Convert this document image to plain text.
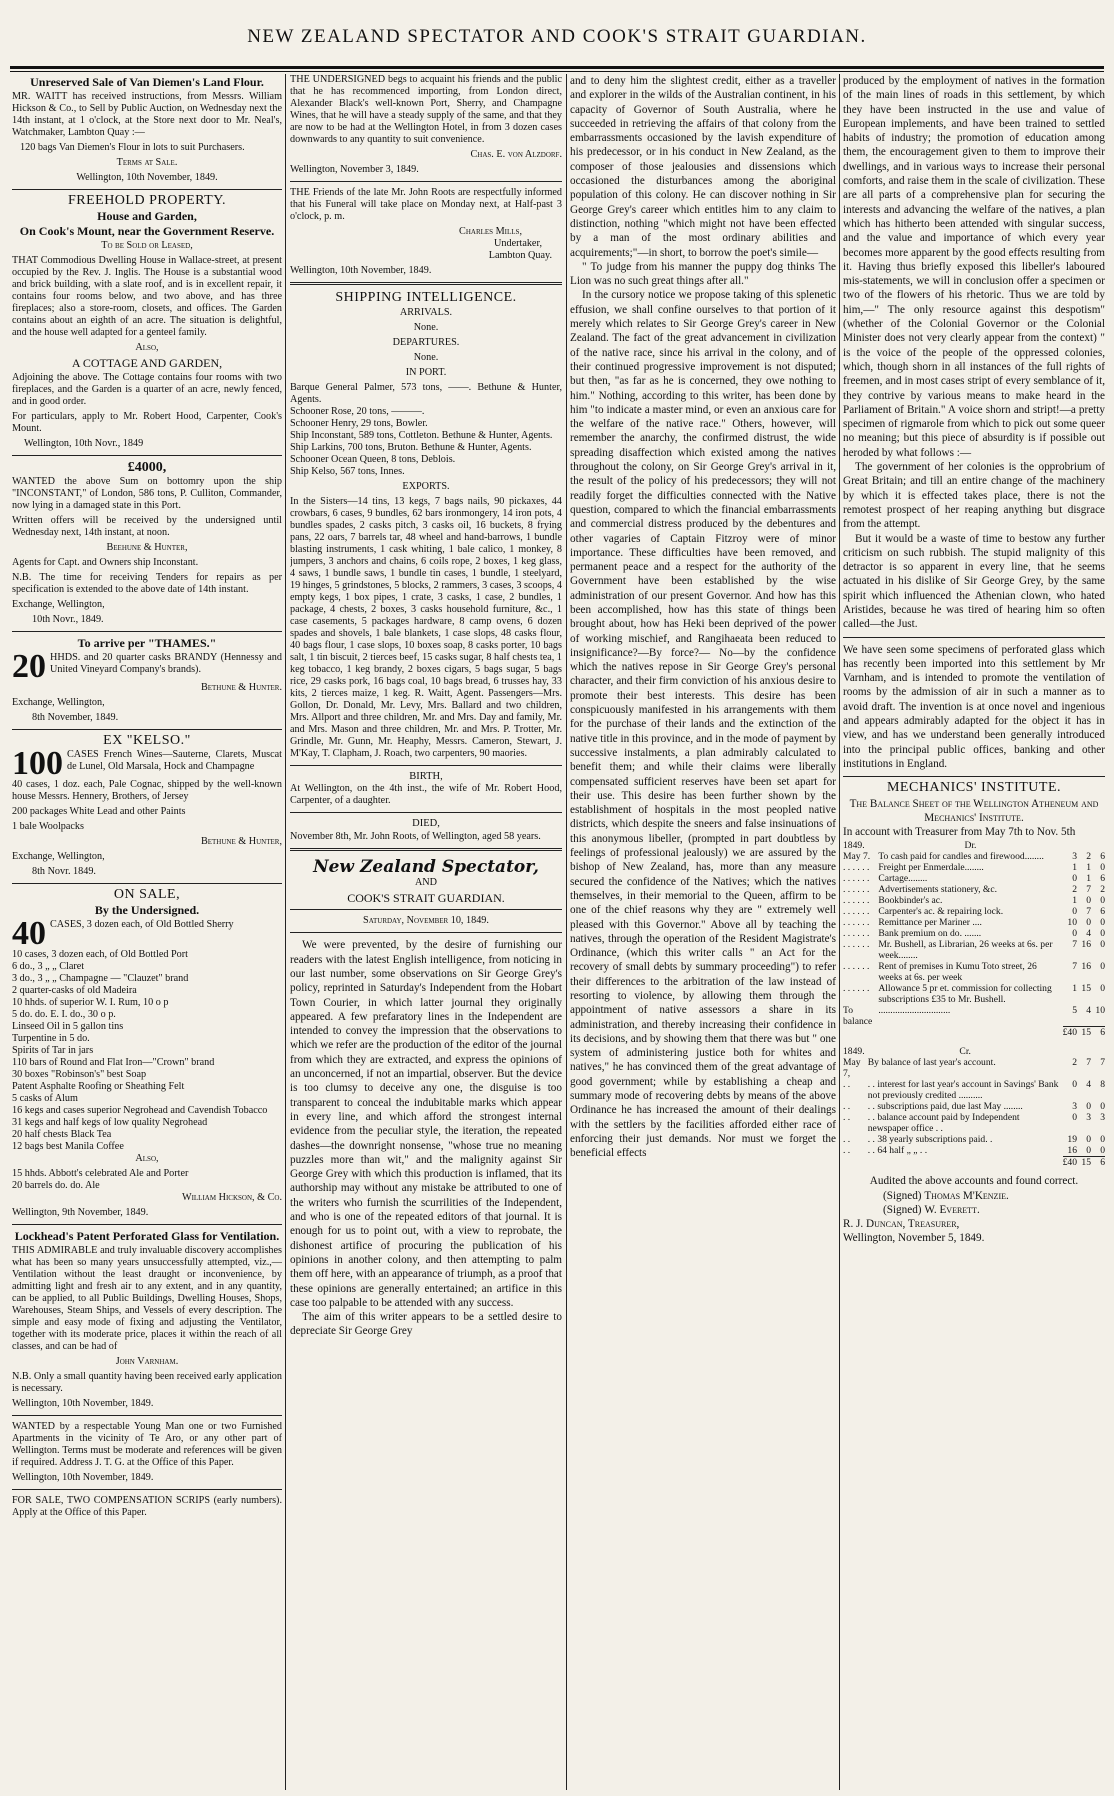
NEW ZEALAND SPECTATOR AND COOK'S STRAIT GUARDIAN.
Unreserved Sale of Van Diemen's Land Flour.

MR. WAITT has received instructions, from Messrs. William Hickson & Co., to Sell by Public Auction, on Wednesday next the 14th instant, at 1 o'clock, at the Store next door to Mr. Neal's, Watchmaker, Lambton Quay :—

120 bags Van Diemen's Flour in lots to suit Purchasers.

Terms at Sale.

Wellington, 10th November, 1849.

FREEHOLD PROPERTY.
House and Garden,
On Cook's Mount, near the Government Reserve.

To be Sold or Leased,

THAT Commodious Dwelling House in Wallace-street, at present occupied by the Rev. J. Inglis. The House is a substantial wood and brick building, with a slate roof, and is in excellent repair, it contains four rooms below, and two above, and has three fireplaces; also a store-room, closets, and offices. The Garden contains about an eighth of an acre. The situation is delightful, and the house well adapted for a genteel family.

Also,

A COTTAGE AND GARDEN,

Adjoining the above. The Cottage contains four rooms with two fireplaces, and the Garden is a quarter of an acre, newly fenced, and in good order.

For particulars, apply to Mr. Robert Hood, Carpenter, Cook's Mount.

Wellington, 10th Novr., 1849

£4000,

WANTED the above Sum on bottomry upon the ship "INCONSTANT," of London, 586 tons, P. Culliton, Commander, now lying in a damaged state in this Port.

Written offers will be received by the undersigned until Wednesday next, 14th instant, at noon.

Beehune & Hunter,

Agents for Capt. and Owners ship Inconstant.

N.B. The time for receiving Tenders for repairs as per specification is extended to the above date of 14th instant.

Exchange, Wellington,

10th Novr., 1849.

To arrive per "THAMES."

20 HHDS. and 20 quarter casks BRANDY (Hennessy and United Vineyard Company's brands).

Bethune & Hunter.

Exchange, Wellington,

8th November, 1849.

EX "KELSO."

100 CASES French Wines—Sauterne, Clarets, Muscat de Lunel, Old Marsala, Hock and Champagne

40 cases, 1 doz. each, Pale Cognac, shipped by the well-known house Messrs. Hennery, Brothers, of Jersey

200 packages White Lead and other Paints

1 bale Woolpacks

Bethune & Hunter,

Exchange, Wellington,

8th Novr. 1849.

ON SALE,
By the Undersigned.

40 CASES, 3 dozen each, of Old Bottled Sherry

10 cases, 3 dozen each, of Old Bottled Port

6 do., 3 „ „ Claret

3 do., 3 „ „ Champagne — "Clauzet" brand

2 quarter-casks of old Madeira

10 hhds. of superior W. I. Rum, 10 o p

5 do. do. E. I. do., 30 o p.

Linseed Oil in 5 gallon tins

Turpentine in 5 do.

Spirits of Tar in jars

110 bars of Round and Flat Iron—"Crown" brand

30 boxes "Robinson's" best Soap

Patent Asphalte Roofing or Sheathing Felt

5 casks of Alum

16 kegs and cases superior Negrohead and Cavendish Tobacco

31 kegs and half kegs of low quality Negrohead

20 half chests Black Tea

12 bags best Manila Coffee

Also,

15 hhds. Abbott's celebrated Ale and Porter

20 barrels do. do. Ale

William Hickson, & Co.

Wellington, 9th November, 1849.

Lockhead's Patent Perforated Glass for Ventilation.

THIS ADMIRABLE and truly invaluable discovery accomplishes what has been so many years unsuccessfully attempted, viz.,—Ventilation without the least draught or inconvenience, by admitting light and fresh air to any extent, and in any quantity, can be applied, to all Public Buildings, Dwelling Houses, Shops, Warehouses, Steam Ships, and Vessels of every description. The simple and easy mode of fixing and adjusting the Ventilator, together with its moderate price, places it within the reach of all classes, and can be had of

John Varnham.

N.B. Only a small quantity having been received early application is necessary.

Wellington, 10th November, 1849.

WANTED by a respectable Young Man one or two Furnished Apartments in the vicinity of Te Aro, or any other part of Wellington. Terms must be moderate and references will be given if required. Address J. T. G. at the Office of this Paper.

Wellington, 10th November, 1849.

FOR SALE, TWO COMPENSATION SCRIPS (early numbers). Apply at the Office of this Paper.

THE UNDERSIGNED begs to acquaint his friends and the public that he has recommenced importing, from London direct, Alexander Black's well-known Port, Sherry, and Champagne Wines, that he will have a steady supply of the same, and that they are now to be had at the Wellington Hotel, in from 3 dozen cases downwards to any quantity to suit convenience.

Chas. E. von Alzdorf.

Wellington, November 3, 1849.

THE Friends of the late Mr. John Roots are respectfully informed that his Funeral will take place on Monday next, at Half-past 3 o'clock, p. m.

Charles Mills,

Undertaker,

Lambton Quay.

Wellington, 10th November, 1849.

SHIPPING INTELLIGENCE.

ARRIVALS.

None.

DEPARTURES.

None.

IN PORT.

Barque General Palmer, 573 tons, ——. Bethune & Hunter, Agents.

Schooner Rose, 20 tons, ———.

Schooner Henry, 29 tons, Bowler.

Ship Inconstant, 589 tons, Cottleton. Bethune & Hunter, Agents.

Ship Larkins, 700 tons, Bruton. Bethune & Hunter, Agents.

Schooner Ocean Queen, 8 tons, Deblois.

Ship Kelso, 567 tons, Innes.

EXPORTS.

In the Sisters—14 tins, 13 kegs, 7 bags nails, 90 pickaxes, 44 crowbars, 6 cases, 9 bundles, 62 bars ironmongery, 14 iron pots, 4 bundles spades, 2 casks pitch, 3 casks oil, 16 buckets, 8 frying pans, 22 oars, 7 barrels tar, 48 wheel and hand-barrows, 1 bundle blasting instruments, 1 cask whiting, 1 bale calico, 1 monkey, 8 jumpers, 3 anchors and chains, 6 coils rope, 2 boxes, 1 keg glass, 4 saws, 1 bundle saws, 1 bundle tin cases, 1 bundle, 1 steelyard, 19 hinges, 5 grindstones, 5 blocks, 2 rammers, 3 cases, 3 scoops, 4 empty kegs, 1 box pipes, 1 crate, 3 casks, 1 case, 2 bundles, 1 package, 4 chests, 2 boxes, 3 casks household furniture, &c., 1 case casements, 5 packages hardware, 8 camp ovens, 6 dozen spades and shovels, 1 bale blankets, 1 case slops, 48 casks flour, 40 bags flour, 1 case slops, 10 boxes soap, 8 casks porter, 10 bags salt, 1 tin biscuit, 2 tierces beef, 15 casks sugar, 8 half chests tea, 1 keg tobacco, 1 keg brandy, 2 boxes cigars, 5 bags sugar, 5 bags rice, 29 casks pork, 16 bags coal, 10 bags bread, 6 trusses hay, 33 kits, 2 tierces maize, 1 keg. R. Waitt, Agent. Passengers—Mrs. Gollon, Dr. Donald, Mr. Levy, Mrs. Ballard and two children, Mrs. Allport and three children, Mr. and Mrs. Day and family, Mr. and Mrs. Mason and three children, Mr. and Mrs. P. Trotter, Mr. Grindle, Mr. Gunn, Mr. Heaphy, Messrs. Cameron, Stewart, J. M'Kay, T. Clapham, J. Roach, two carpenters, 90 maories.

BIRTH,

At Wellington, on the 4th inst., the wife of Mr. Robert Hood, Carpenter, of a daughter.

DIED,

November 8th, Mr. John Roots, of Wellington, aged 58 years.

New Zealand Spectator,

AND

COOK'S STRAIT GUARDIAN.

Saturday, November 10, 1849.

We were prevented, by the desire of furnishing our readers with the latest English intelligence, from noticing in our last number, some observations on Sir George Grey's policy, reprinted in Saturday's Independent from the Hobart Town Courier, in which latter journal they originally appeared. A few prefaratory lines in the Independent are intended to convey the impression that the observations to which we refer are the production of the editor of the journal from which they are extracted, and express the opinions of an unconcerned, if not an impartial, observer. But the device is too clumsy to deceive any one, the disguise is too transparent to conceal the indubitable marks which appear in every line, and which afford the strongest internal evidence from the peculiar style, the iteration, the repeated dashes—the downright nonsense, "whose true no meaning puzzles more than wit," and the malignity against Sir George Grey with which this production is inflamed, that its authorship may without any mistake be attributed to one of the writers who furnish the scurrilities of the Independent, and who is one of the repeated editors of that journal. It is enough for us to point out, with a view to reprobate, the dishonest artifice of procuring the publication of his opinions in another colony, and then attempting to palm them off here, with an appearance of triumph, as a proof that these opinions are generally entertained; an artifice in this case too palpable to be attended with any success.

The aim of this writer appears to be a settled desire to depreciate Sir George Grey

and to deny him the slightest credit, either as a traveller and explorer in the wilds of the Australian continent, in his capacity of Governor of South Australia, where he succeeded in retrieving the affairs of that colony from the embarrassments occasioned by the lavish expenditure of his predecessor, or in his conduct in New Zealand, as the composer of those jealousies and dissensions which occasioned the disturbances among the aboriginal population of this colony. He can discover nothing in Sir George Grey's career which entitles him to any claim to distinction, nothing "which might not have been effected by a man of the most ordinary abilities and acquirements;"—in short, to borrow the poet's simile—

" To judge from his manner the puppy dog thinks The Lion was no such great things after all."

In the cursory notice we propose taking of this splenetic effusion, we shall confine ourselves to that portion of it merely which relates to Sir George Grey's career in New Zealand. The fact of the great advancement in civilization of the native race, since his arrival in the colony, and of their continued progressive improvement is not disputed; but then, "as far as he is concerned, they owe nothing to him." Nothing, according to this writer, has been done by him "to indicate a master mind, or even an anxious care for the welfare of the native race." Others, however, will remember the anarchy, the confirmed distrust, the wide spreading disaffection which existed among the natives throughout the colony, on Sir George Grey's arrival in it, the result of the policy of his predecessors; they will not readily forget the difficulties connected with the Native question, compared to which the financial embarrassments and commercial distress produced by the debentures and other vagaries of Captain Fitzroy were of minor importance. These difficulties have been removed, and permanent peace and a respect for the authority of the Government have been established by the wise administration of our present Governor. And how has this been accomplished, how has this state of things been brought about, how has Heki been deprived of the power of working mischief, and Rangihaeata been reduced to insignificance?—By force?— No—by the confidence which the natives repose in Sir George Grey's personal character, and their firm conviction of his anxious desire to promote their best interests. This desire has been conspicuously manifested in his arrangements with them for the purchase of their lands and the extinction of the native title in this province, and in the mode of payment by successive instalments, a plan admirably calculated to benefit them; and while their claims were liberally compensated sufficient reserves have been set apart for their use. This desire has been further shown by the establishment of hospitals in the most peopled native districts, which despite the sneers and false insinuations of this anonymous libeller, (prompted in part doubtless by feelings of professional jealously) we are assured by the bishop of New Zealand, has, more than any measure secured the confidence of the Natives; which the natives themselves, in their memorial to the Queen, affirm to be one of the chief reasons why they are " extremely well pleased with this Governor." Above all by teaching the natives, through the operation of the Resident Magistrate's Ordinance, (which this writer calls " an Act for the recovery of small debts by summary proceeding") to refer their differences to the arbitration of the law instead of resorting to violence, by allowing them through the appointment of native assessors a share in its administration, and thereby increasing their confidence in its decisions, and by showing them that there was but " one system of administering justice both for whites and natives," he has convinced them of the great advantage of good government; while by establishing a cheap and summary mode of recovering debts by means of the above Ordinance he has increased the amount of their dealings with the settlers by the facilities afforded either race of enforcing their just demands. Nor must we forget the beneficial effects

produced by the employment of natives in the formation of the main lines of roads in this settlement, by which they have been instructed in the use and value of European implements, and have been trained to settled habits of industry; the promotion of education among them, the encouragement given to them to improve their dwellings, and in various ways to increase their personal comforts, and raise them in the scale of civilization. These are all parts of a comprehensive plan for securing the interests and advancing the welfare of the natives, a plan which has hitherto been attended with singular success, and the value and importance of which every year becomes more apparent by the good effects resulting from it. Having thus briefly exposed this libeller's laboured mis-statements, we will in conclusion offer a specimen or two of the flowers of his rhetoric. Thus we are told by him,—" The only resource against this despotism"(whether of the Colonial Governor or the Colonial Minister does not very clearly appear from the context) " is the voice of the people of the oppressed colonies, which, though shorn in all instances of the full rights of freemen, and in most cases stript of every semblance of it, they contrive by various means to make heard in the Parliament of Britain." A voice shorn and stript!—a pretty specimen of rigmarole from which to pick out some queer no meaning; but this piece of absurdity is if possible out heroded by what follows :—

The government of her colonies is the opprobrium of Great Britain; and till an entire change of the machinery by which it is effected takes place, there is not the remotest prospect of her reaping anything but disgrace from the attempt.

But it would be a waste of time to bestow any further criticism on such rubbish. The stupid malignity of this detractor is so apparent in every line, that he seems actuated in his dislike of Sir George Grey, by the same spirit which influenced the Athenian clown, who hated Aristides, because he was tired of hearing him so often called—the Just.

We have seen some specimens of perforated glass which has recently been imported into this settlement by Mr Varnham, and is intended to promote the ventilation of rooms by the admission of air in such a manner as to avoid draft. The invention is at once novel and ingenious and appears admirably adapted for the object it has in view, and has we understand been generally introduced into the principal public offices, banking and other institutions in England.

MECHANICS' INSTITUTE.

The Balance Sheet of the Wellington Atheneum and Mechanics' Institute.

In account with Treasurer from May 7th to Nov. 5th

1849.	Dr.			
May 7.	To cash paid for candles and firewood........	3	2	6
. . . . . .	Freight per Enmerdale........	1	1	0
. . . . . .	Cartage........	0	1	6
. . . . . .	Advertisements stationery, &c.	2	7	2
. . . . . .	Bookbinder's ac.	1	0	0
. . . . . .	Carpenter's ac. & repairing lock.	0	7	6
. . . . . .	Remittance per Mariner ....	10	0	0
. . . . . .	Bank premium on do. .......	0	4	0
. . . . . .	Mr. Bushell, as Librarian, 26 weeks at 6s. per week........	7	16	0
. . . . . .	Rent of premises in Kumu Toto street, 26 weeks at 6s. per week	7	16	0
. . . . . .	Allowance 5 pr et. commission for collecting subscriptions £35 to Mr. Bushell.	1	15	0
To balance	..............................	5	4	10
		£40	15	6
1849.	Cr.			
May 7,	By balance of last year's account.	2	7	7
. .	. . interest for last year's account in Savings' Bank not previously credited ..........	0	4	8
. .	. . subscriptions paid, due last May ........	3	0	0
. .	. . balance account paid by Independent newspaper office . .	0	3	3
. .	. . 38 yearly subscriptions paid. .	19	0	0
. .	. . 64 half „ „ . .	16	0	0
		£40	15	6

Audited the above accounts and found correct.

(Signed) Thomas M'Kenzie.

(Signed) W. Everett.

R. J. Duncan, Treasurer,

Wellington, November 5, 1849.
